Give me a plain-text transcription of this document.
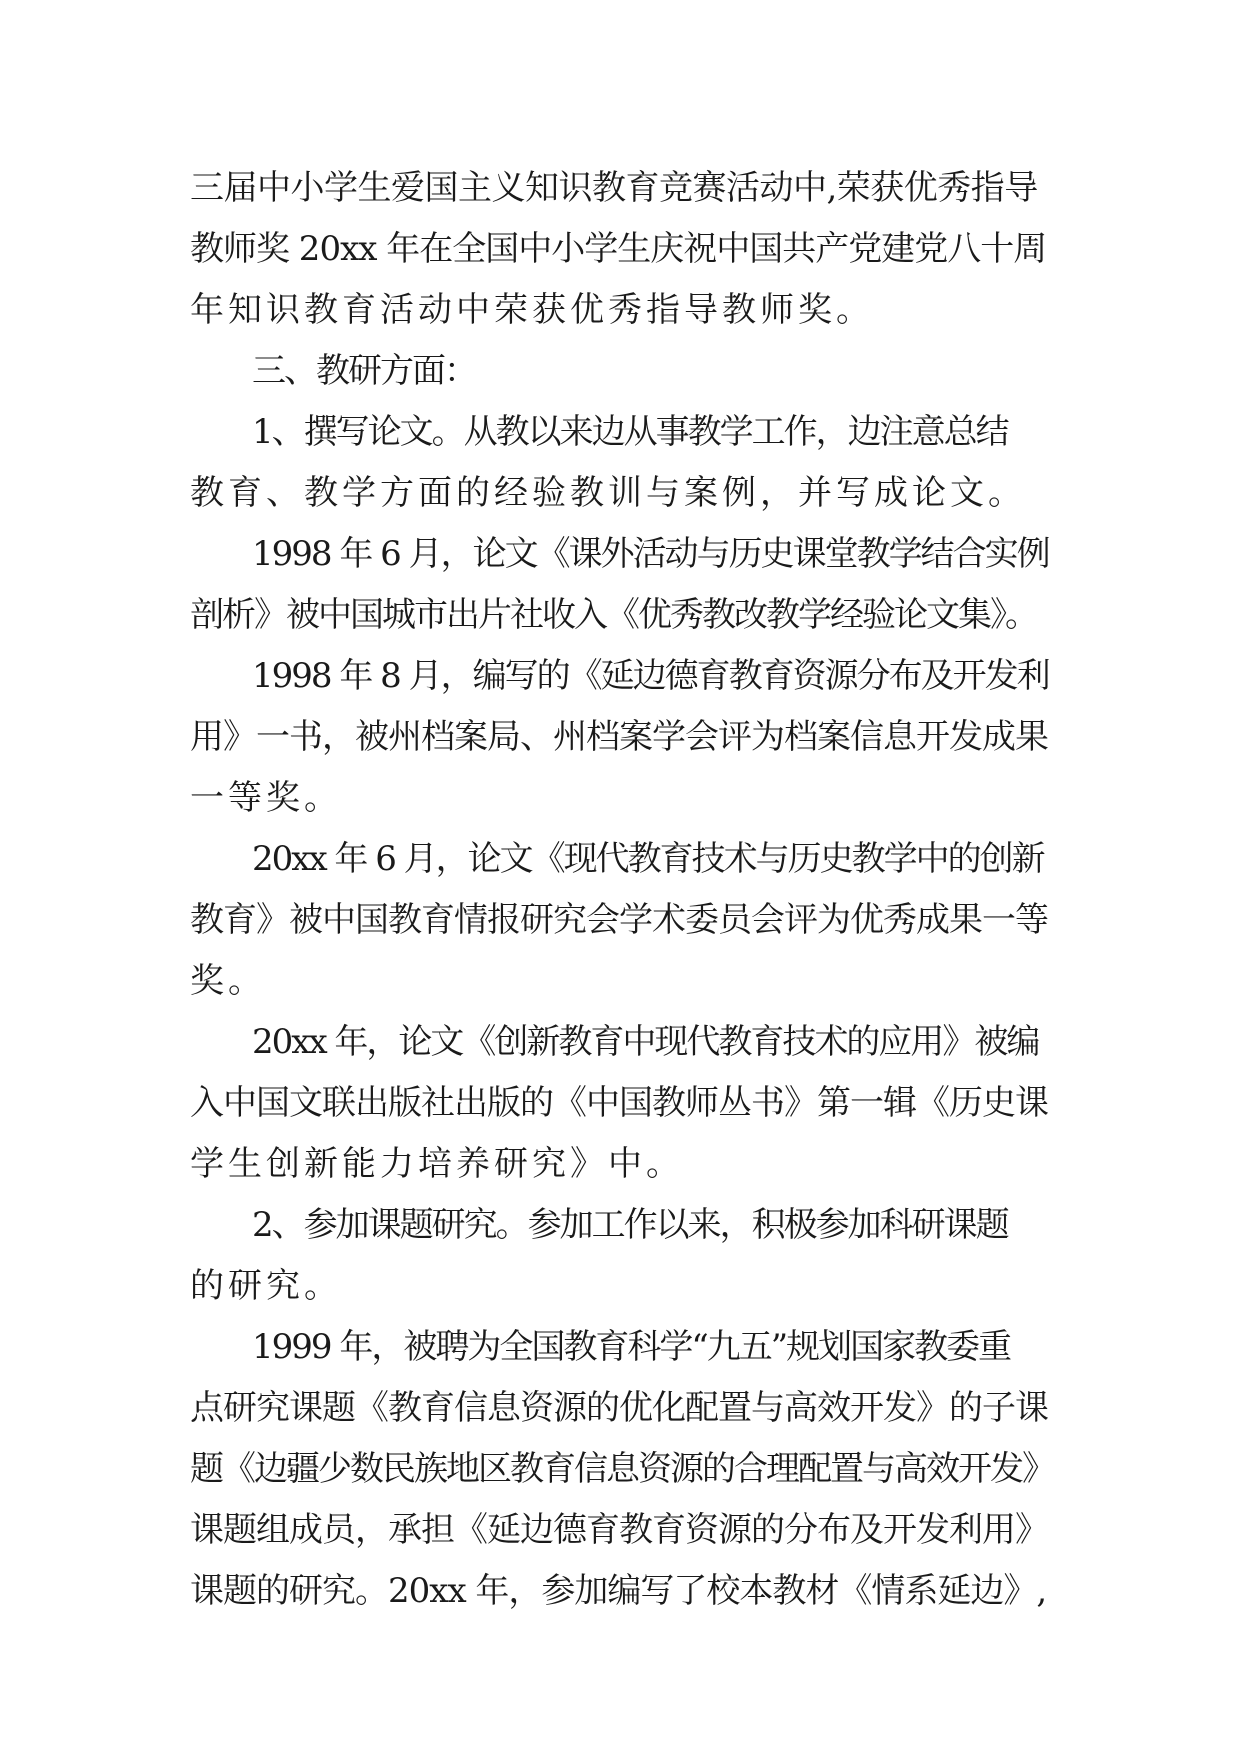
三届中小学生爱国主义知识教育竞赛活动中,荣获优秀指导
教师奖 20xx 年在全国中小学生庆祝中国共产党建党八十周
年知识教育活动中荣获优秀指导教师奖。
三、教研方面：
1、撰写论文。从教以来边从事教学工作，边注意总结
教育、教学方面的经验教训与案例，并写成论文。
1998 年 6 月，论文《课外活动与历史课堂教学结合实例
剖析》被中国城市出片社收入《优秀教改教学经验论文集》。
1998 年 8 月，编写的《延边德育教育资源分布及开发利
用》一书，被州档案局、州档案学会评为档案信息开发成果
一等奖。
20xx 年 6 月，论文《现代教育技术与历史教学中的创新
教育》被中国教育情报研究会学术委员会评为优秀成果一等
奖。
20xx 年，论文《创新教育中现代教育技术的应用》被编
入中国文联出版社出版的《中国教师丛书》第一辑《历史课
学生创新能力培养研究》中。
2、参加课题研究。参加工作以来，积极参加科研课题
的研究。
1999 年，被聘为全国教育科学“九五”规划国家教委重
点研究课题《教育信息资源的优化配置与高效开发》的子课
题《边疆少数民族地区教育信息资源的合理配置与高效开发》
课题组成员，承担《延边德育教育资源的分布及开发利用》
课题的研究。20xx 年，参加编写了校本教材《情系延边》,
